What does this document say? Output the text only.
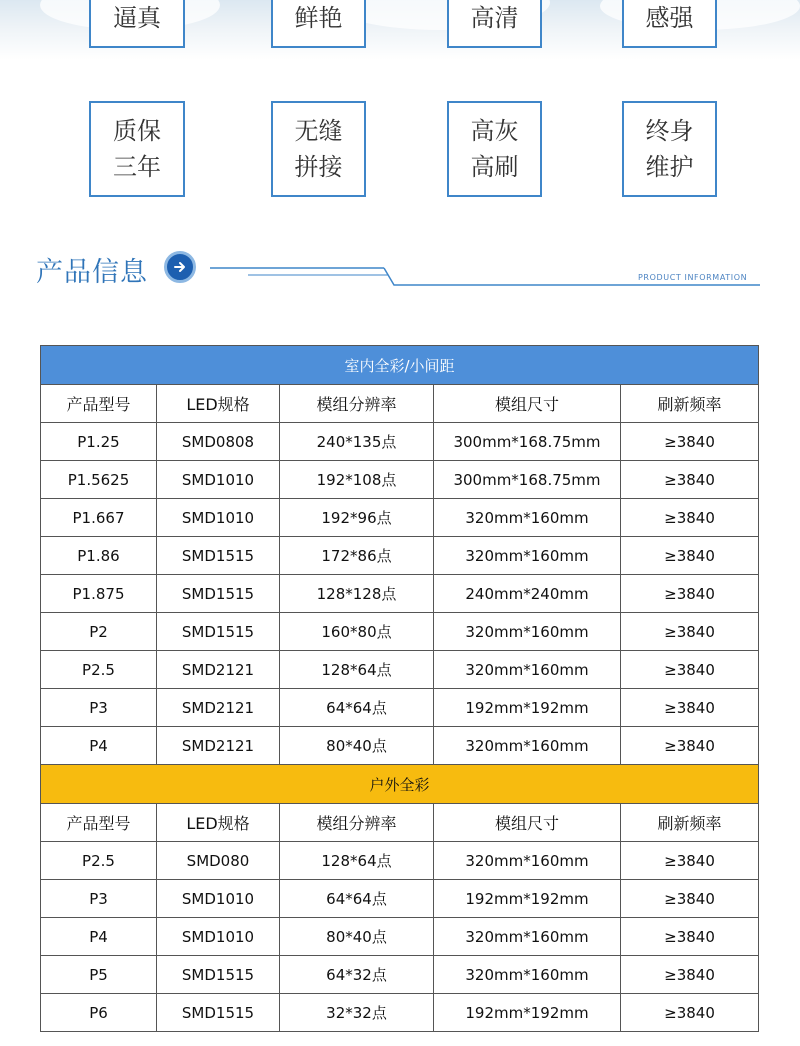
逼真	鲜艳	高清	感强
质保
三年
无缝
拼接
高灰
高刷
终身
维护
产品信息	PRODUCT INFORMATION
室内全彩/小间距				
产品型号	LED规格	模组分辨率	模组尺寸	刷新频率
P1.25	SMD0808	240*135点	300mm*168.75mm	≥3840
P1.5625	SMD1010	192*108点	300mm*168.75mm	≥3840
P1.667	SMD1010	192*96点	320mm*160mm	≥3840
P1.86	SMD1515	172*86点	320mm*160mm	≥3840
P1.875	SMD1515	128*128点	240mm*240mm	≥3840
P2	SMD1515	160*80点	320mm*160mm	≥3840
P2.5	SMD2121	128*64点	320mm*160mm	≥3840
P3	SMD2121	64*64点	192mm*192mm	≥3840
P4	SMD2121	80*40点	320mm*160mm	≥3840
户外全彩				
产品型号	LED规格	模组分辨率	模组尺寸	刷新频率
P2.5	SMD080	128*64点	320mm*160mm	≥3840
P3	SMD1010	64*64点	192mm*192mm	≥3840
P4	SMD1010	80*40点	320mm*160mm	≥3840
P5	SMD1515	64*32点	320mm*160mm	≥3840
P6	SMD1515	32*32点	192mm*192mm	≥3840
